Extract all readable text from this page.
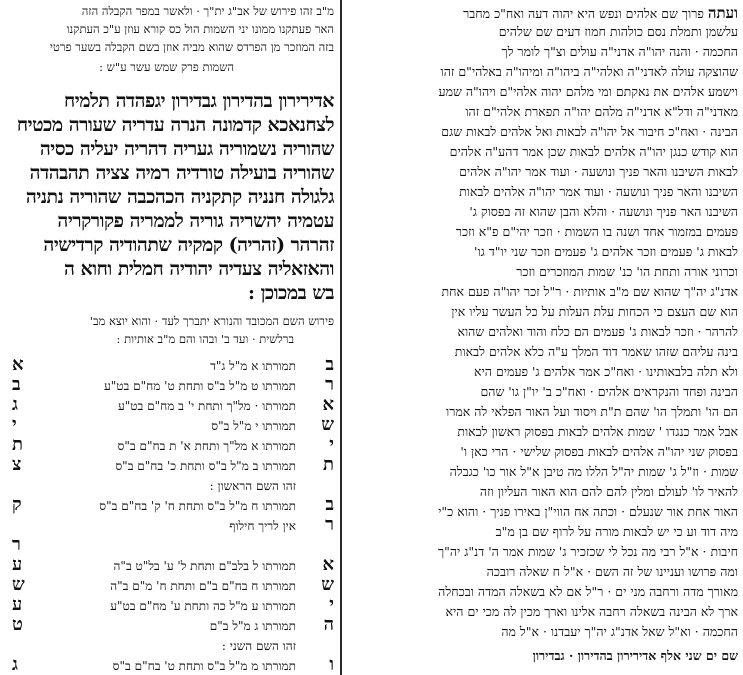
ועתה פרוך שם אלהים ונפש היא יהוה דעה ואח"כ מחבר
עלשמן ותמלת נסם כולהות חמוז דעים שם שלהים
החכמה · והנה יהו"ה אדני"ה עולים וצ"ך לומר לך
שהוצקה עולה לאדני"ה ואלהי"ה ביהו"ה ומיהו"ה באלהי"ם זהו
וישמע אלהים את נאקתם ומי מלהם יהוה אלהי"ם ויהו"ה שמע
מאדני"ה ודל"א אדני"ה מלהם יהו"ה תפארת אלהי"ם זהו
הבינה · ואח"כ חיבור אל יהו"ה לבאות ואל אלהים לבאות שגם
הוא קודש כנגן יהו"ה אלהים לבאות שכן אמר דהע"ה אלהים
לבאות השיבנו והאר פניך ונושעה · ועוד אמר יהו"ה אלהים
השיבנו והאר פניך ונושעה · ועוד אמר יהו"ה אלהים לבאות
השיבנו האר פניך ונושעה · והלא והבן שהוא זה בפסוק ג'
פעמים במזמור אחד ושנה בו השמות · וזכר יהי"ם פ"א וזכר
לבאות ג' פעמים וזכר אלהים ג' פעמים וזכר שני יו"ד גו'
וכרוני אורה ותחת הו' כנ' שמות המוזכרים וזכר
אדנ"ג יה"ך שהוא שם מ"ב אותיות · ר"ל זכר יהו"ה פעם אחת
הוא שם העצם כי הכחות עלת העלות על כל העשר עליו אין
להרהר · וזכר לבאות ג' פעמים הם כלח והוד ואלהים שהוא
בינה עליהם שזהו שאמר דוד המלך ע"ה כלא אלהים לבאות
ולא תלה בלבאותינו · ואח"כ אמר אלהים ג' פעמים היא
הבינה ופחד והנקראים אלהים · ואח"כ ב' יו"ן גו' שהם
הם הו' ותמלך הו' שהם ת"ת ויסוד ועל האור הפלאי לה אמרו
אבל אמר כנגדו ' שמות אלהים לבאות בפסוק ראשון לבאות
בפסוק שני יהו"ה אלהים לבאות בפסוק שלישי · הרי כאן ו'
שמות · וז"ל ג' שמות יה"ל הללו מה טיבן א"ל אור כו' כגבלה
להאיר לו' לעולם ומלין להם להם הוא האור העליון וזה
האור אחת אור שנעלם · וכתה אח הווי"ן באירו פניך · והוא כ"י
מיה דוד וע כי יש לבאות מורה על לרוף שם בן מ"ב
חיבות · א"ל רבי מה נכל לי שכזכיר ג' שמות אמר ה' דנ"ג יה"ך
ומה פרושו ועניינו של זה השם · א"ל ח שאלה רובכה
מאורך מדה ורחבה מני ים · ר"ל אם לא בשאלה המדה ובכחלה
ארך לא הבינה בשאלה רחבה אלינו וארך מכין לה מכי ים היא
החכמה · וא"ל שאל אדנ"ג יה"ך יעבדנו · א"ל מה
שם ים שני אלף אדירירון בהדירון · גבדירון
מ"ב זהו פירוש של אב"ג ית"ך · ולאשר במפר הקבלה הזה
האר פעתקנו ממונו יני השמות הול כס קורא עוזן ע"כ העתקנו
בזה המוזכר מן הפרדס שהוא מביה אוזן בשם הקבלה בשער פרטי
השמות פרק שמש עשר ע"ש :
אדירירון בהדירון גבדירון יגפהדה תלמיח
לצחנאכא קדמונה הנרה עדריה שעורה מכטיח
שהוריה נשמוריה געריה דהריה יעליה כסיה
שהוריה בועילה טורדיה רמיה צציה תהבהדה
גלגולה חנניה קתקניה הכהכבה שהוריה נתניה
עטמיה יהשריה גוריה לממריה פקורקריה
זהרהר (זהריה) קמקיה שתהודיה קרדישיה
והאזאליה צעדיה יהודיה חמלית וחוא ה
בש במכוכן :
פירוש השם המכובד והנורא יתברך לעד · והוא יוצא מב'
ברלשית · ועד ב' ובהו והם מ"ב אותיות :
ב
תמורתו א מ"ל ג"ד
א
ר
תמורתו ט מ"ל ב"ס ותחת ט' מח"ם בט"ע
ב
א
תמורתו · מל"ך ותחת י' ב מח"ם בט"ע
ג
ש
תמורתו י מ"ל ב"ס
י
י
תמורתו א מל"ך ותחת א' ת בח"ם ב"ס
ת
ת
תמורתו ב מ"ל ב"ס ותחת כ' בח"ם ב"ס
צ
זהו השם הראשון :
ב
תמורתו ח מ"ל ב"ס ותחת ח' ק' בח"ם ב"ס
ק
ר
אין לריך חילוף
ר
א
תמורתו ל בלב"ם ותחת ל' ע' בל"ט ב"ה
ע
ש
תמורתו ח בח"ם ב"ם ותחת ח' מ"ם ב"ה
ש
י
תמורתו ע מ"ל כה ותחת ע' מח"ם בט"ע
ע
ה
תמורתו ג מ"ל ב"ם
ט
זהו השם השני :
ו
תמורתו מ מ"ל ב"ס ותחת ט' בח"ם ב"ס
ג
